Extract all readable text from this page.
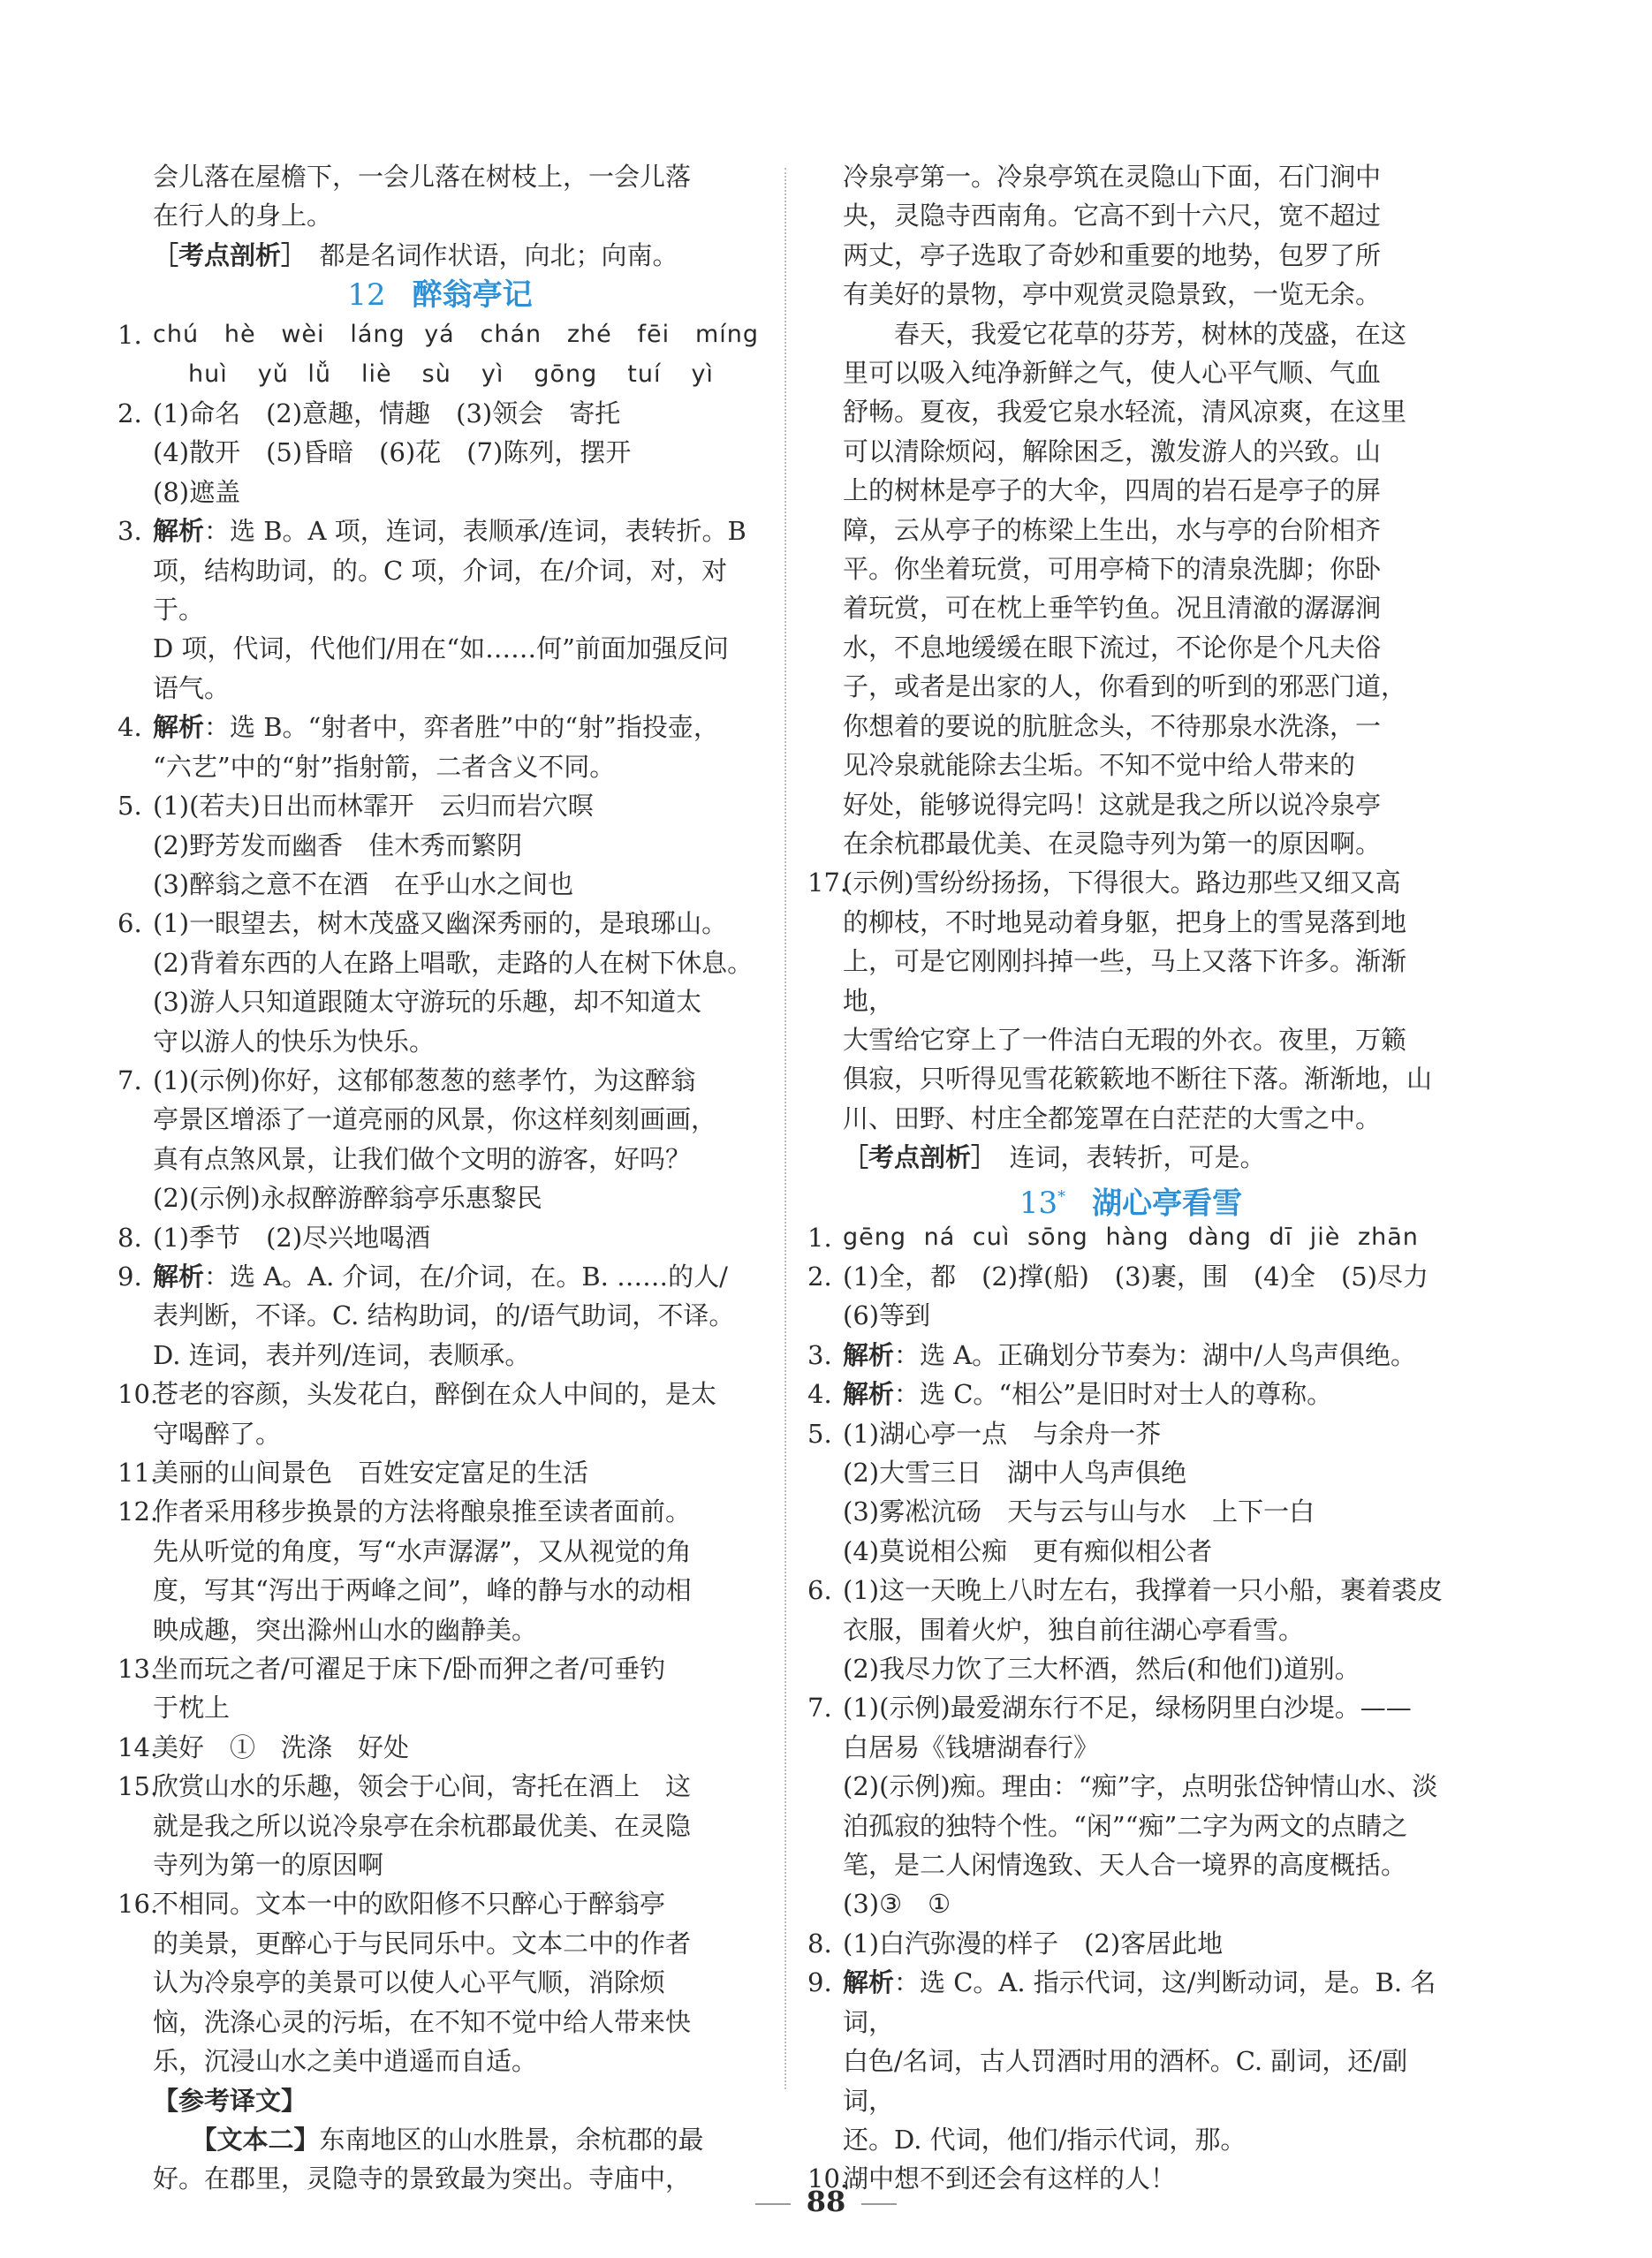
会儿落在屋檐下，一会儿落在树枝上，一会儿落
在行人的身上。
［考点剖析］　 都是名词作状语，向北；向南。
12 醉翁亭记
1. chú hè wèi láng yá chán zhé fēi míng
huì yǔ lǚ liè sù yì gōng tuí yì
2. (1)命名　(2)意趣，情趣　(3)领会　寄托
(4)散开　(5)昏暗　(6)花　(7)陈列，摆开
(8)遮盖
3. 解析：选 B。A 项，连词，表顺承/连词，表转折。B
项，结构助词，的。C 项，介词，在/介词，对，对于。
D 项，代词，代他们/用在“如……何”前面加强反问
语气。
4. 解析：选 B。“射者中，弈者胜”中的“射”指投壶，
“六艺”中的“射”指射箭，二者含义不同。
5. (1)(若夫)日出而林霏开　云归而岩穴暝
(2)野芳发而幽香　佳木秀而繁阴
(3)醉翁之意不在酒　在乎山水之间也
6. (1)一眼望去，树木茂盛又幽深秀丽的，是琅琊山。
(2)背着东西的人在路上唱歌，走路的人在树下休息。
(3)游人只知道跟随太守游玩的乐趣，却不知道太
守以游人的快乐为快乐。
7. (1)(示例)你好，这郁郁葱葱的慈孝竹，为这醉翁
亭景区增添了一道亮丽的风景，你这样刻刻画画，
真有点煞风景，让我们做个文明的游客，好吗？
(2)(示例)永叔醉游醉翁亭乐惠黎民
8. (1)季节　(2)尽兴地喝酒
9. 解析：选 A。A. 介词，在/介词，在。B. ……的人/
表判断，不译。C. 结构助词，的/语气助词，不译。
D. 连词，表并列/连词，表顺承。
10.
苍老的容颜，头发花白，醉倒在众人中间的，是太
守喝醉了。
11.
美丽的山间景色　百姓安定富足的生活
12.
作者采用移步换景的方法将酿泉推至读者面前。
先从听觉的角度，写“水声潺潺”，又从视觉的角
度，写其“泻出于两峰之间”，峰的静与水的动相
映成趣，突出滁州山水的幽静美。
13.
坐而玩之者/可濯足于床下/卧而狎之者/可垂钓
于枕上
14.
美好　①　洗涤　好处
15.
欣赏山水的乐趣，领会于心间，寄托在酒上　这
就是我之所以说冷泉亭在余杭郡最优美、在灵隐
寺列为第一的原因啊
16.
不相同。文本一中的欧阳修不只醉心于醉翁亭
的美景，更醉心于与民同乐中。文本二中的作者
认为冷泉亭的美景可以使人心平气顺，消除烦
恼，洗涤心灵的污垢，在不知不觉中给人带来快
乐，沉浸山水之美中逍遥而自适。
【参考译文】
　　【文本二】东南地区的山水胜景，余杭郡的最
好。在郡里，灵隐寺的景致最为突出。寺庙中，
冷泉亭第一。冷泉亭筑在灵隐山下面，石门涧中
央，灵隐寺西南角。它高不到十六尺，宽不超过
两丈，亭子选取了奇妙和重要的地势，包罗了所
有美好的景物，亭中观赏灵隐景致，一览无余。
　　春天，我爱它花草的芬芳，树林的茂盛，在这
里可以吸入纯净新鲜之气，使人心平气顺、气血
舒畅。夏夜，我爱它泉水轻流，清风凉爽，在这里
可以清除烦闷，解除困乏，激发游人的兴致。山
上的树林是亭子的大伞，四周的岩石是亭子的屏
障，云从亭子的栋梁上生出，水与亭的台阶相齐
平。你坐着玩赏，可用亭椅下的清泉洗脚；你卧
着玩赏，可在枕上垂竿钓鱼。况且清澈的潺潺涧
水，不息地缓缓在眼下流过，不论你是个凡夫俗
子，或者是出家的人，你看到的听到的邪恶门道，
你想着的要说的肮脏念头，不待那泉水洗涤，一
见冷泉就能除去尘垢。不知不觉中给人带来的
好处，能够说得完吗！这就是我之所以说冷泉亭
在余杭郡最优美、在灵隐寺列为第一的原因啊。
17.
(示例)雪纷纷扬扬，下得很大。路边那些又细又高
的柳枝，不时地晃动着身躯，把身上的雪晃落到地
上，可是它刚刚抖掉一些，马上又落下许多。渐渐地，
大雪给它穿上了一件洁白无瑕的外衣。夜里，万籁
俱寂，只听得见雪花簌簌地不断往下落。渐渐地，山
川、田野、村庄全都笼罩在白茫茫的大雪之中。
［考点剖析］　 连词，表转折，可是。
13* 湖心亭看雪
1. gēng ná cuì sōng hàng dàng dī jiè zhān
2. (1)全，都　(2)撑(船)　(3)裹，围　(4)全　(5)尽力
(6)等到
3. 解析：选 A。正确划分节奏为：湖中/人鸟声俱绝。
4. 解析：选 C。“相公”是旧时对士人的尊称。
5. (1)湖心亭一点　与余舟一芥
(2)大雪三日　湖中人鸟声俱绝
(3)雾凇沆砀　天与云与山与水　上下一白
(4)莫说相公痴　更有痴似相公者
6. (1)这一天晚上八时左右，我撑着一只小船，裹着裘皮
衣服，围着火炉，独自前往湖心亭看雪。
(2)我尽力饮了三大杯酒，然后(和他们)道别。
7. (1)(示例)最爱湖东行不足，绿杨阴里白沙堤。——
白居易《钱塘湖春行》
(2)(示例)痴。理由：“痴”字，点明张岱钟情山水、淡
泊孤寂的独特个性。“闲”“痴”二字为两文的点睛之
笔，是二人闲情逸致、天人合一境界的高度概括。
(3)③　①
8. (1)白汽弥漫的样子　(2)客居此地
9. 解析：选 C。A. 指示代词，这/判断动词，是。B. 名词，
白色/名词，古人罚酒时用的酒杯。C. 副词，还/副词，
还。D. 代词，他们/指示代词，那。
10.
湖中想不到还会有这样的人！
88
